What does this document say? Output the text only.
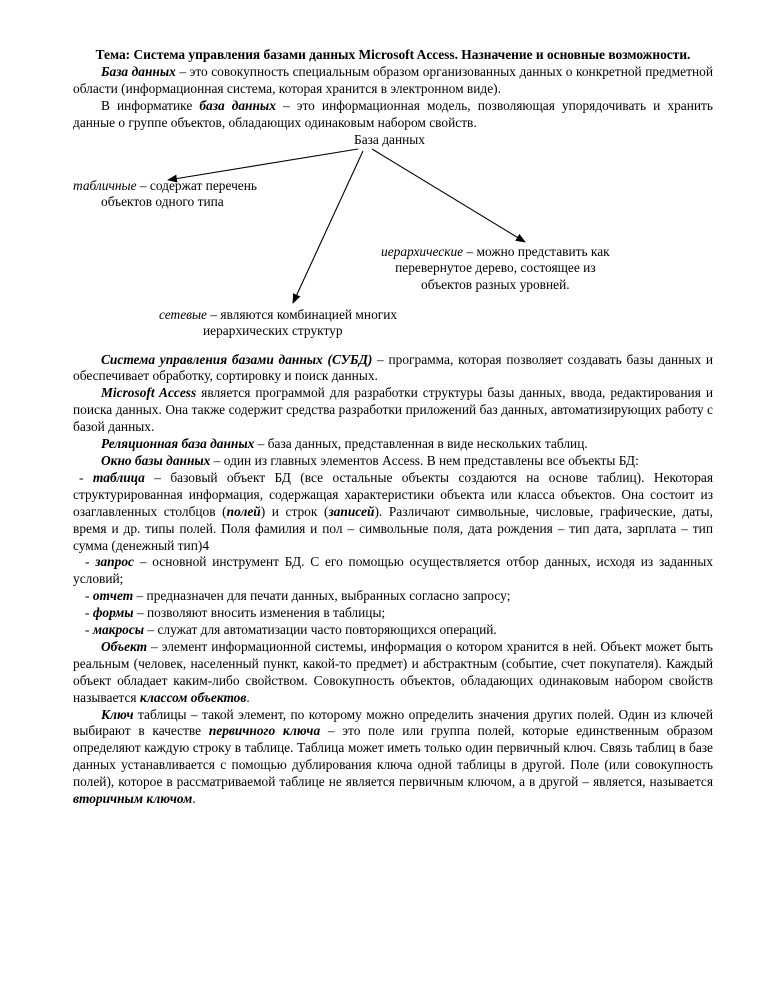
Тема: Система управления базами данных Microsoft Access. Назначение и основные возможности.

База данных – это совокупность специальным образом организованных данных о конкретной предметной области (информационная система, которая хранится в электронном виде).

В информатике база данных – это информационная модель, позволяющая упорядочивать и хранить данные о группе объектов, обладающих одинаковым набором свойств.

База данных
табличные – содержат перечень
объектов одного типа
иерархические – можно представить как
перевернутое дерево, состоящее из
объектов разных уровней.
сетевые – являются комбинацией многих
иерархических структур

Система управления базами данных (СУБД) – программа, которая позволяет создавать базы данных и обеспечивает обработку, сортировку и поиск данных.

Microsoft Access является программой для разработки структуры базы данных, ввода, редактирования и поиска данных. Она также содержит средства разработки приложений баз данных, автоматизирующих работу с базой данных.

Реляционная база данных – база данных, представленная в виде нескольких таблиц.

Окно базы данных – один из главных элементов Access. В нем представлены все объекты БД:

- таблица – базовый объект БД (все остальные объекты создаются на основе таблиц). Некоторая структурированная информация, содержащая характеристики объекта или класса объектов. Она состоит из озаглавленных столбцов (полей) и строк (записей). Различают символьные, числовые, графические, даты, время и др. типы полей. Поля фамилия и пол – символьные поля, дата рождения – тип дата, зарплата – тип сумма (денежный тип)4

- запрос – основной инструмент БД. С его помощью осуществляется отбор данных, исходя из заданных условий;

- отчет – предназначен для печати данных, выбранных согласно запросу;

- формы – позволяют вносить изменения в таблицы;

- макросы – служат для автоматизации часто повторяющихся операций.

Объект – элемент информационной системы, информация о котором хранится в ней. Объект может быть реальным (человек, населенный пункт, какой-то предмет) и абстрактным (событие, счет покупателя). Каждый объект обладает каким-либо свойством. Совокупность объектов, обладающих одинаковым набором свойств называется классом объектов.

Ключ таблицы – такой элемент, по которому можно определить значения других полей. Один из ключей выбирают в качестве первичного ключа – это поле или группа полей, которые единственным образом определяют каждую строку в таблице. Таблица может иметь только один первичный ключ. Связь таблиц в базе данных устанавливается с помощью дублирования ключа одной таблицы в другой. Поле (или совокупность полей), которое в рассматриваемой таблице не является первичным ключом, а в другой – является, называется вторичным ключом.
